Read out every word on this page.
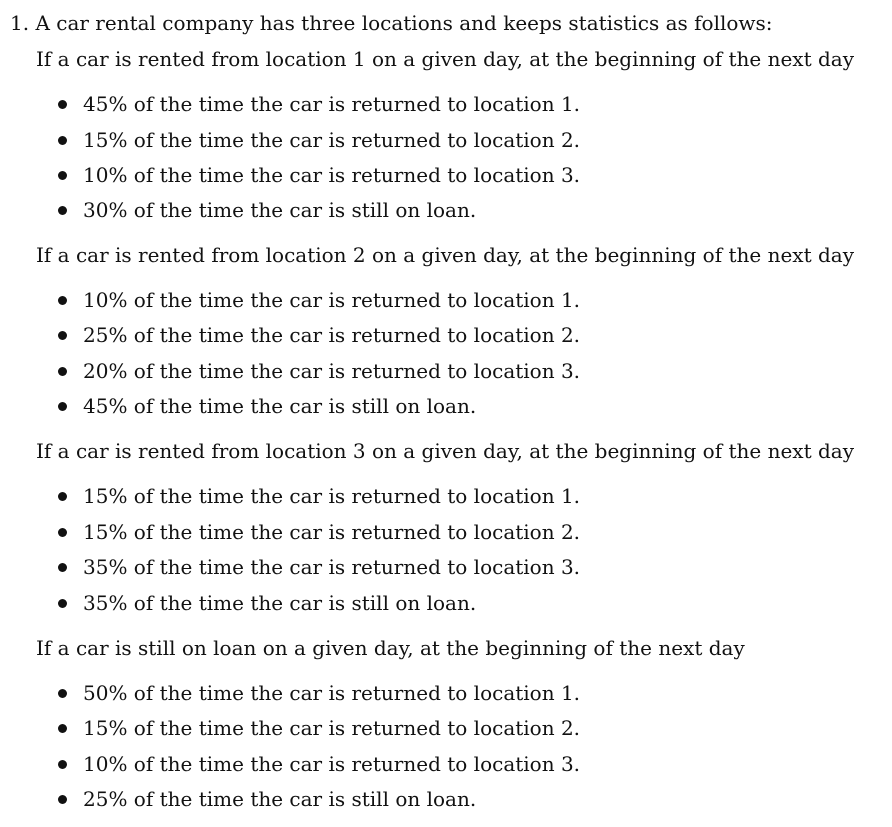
1. A car rental company has three locations and keeps statistics as follows:
If a car is rented from location 1 on a given day, at the beginning of the next day
45% of the time the car is returned to location 1.
15% of the time the car is returned to location 2.
10% of the time the car is returned to location 3.
30% of the time the car is still on loan.
If a car is rented from location 2 on a given day, at the beginning of the next day
10% of the time the car is returned to location 1.
25% of the time the car is returned to location 2.
20% of the time the car is returned to location 3.
45% of the time the car is still on loan.
If a car is rented from location 3 on a given day, at the beginning of the next day
15% of the time the car is returned to location 1.
15% of the time the car is returned to location 2.
35% of the time the car is returned to location 3.
35% of the time the car is still on loan.
If a car is still on loan on a given day, at the beginning of the next day
50% of the time the car is returned to location 1.
15% of the time the car is returned to location 2.
10% of the time the car is returned to location 3.
25% of the time the car is still on loan.
